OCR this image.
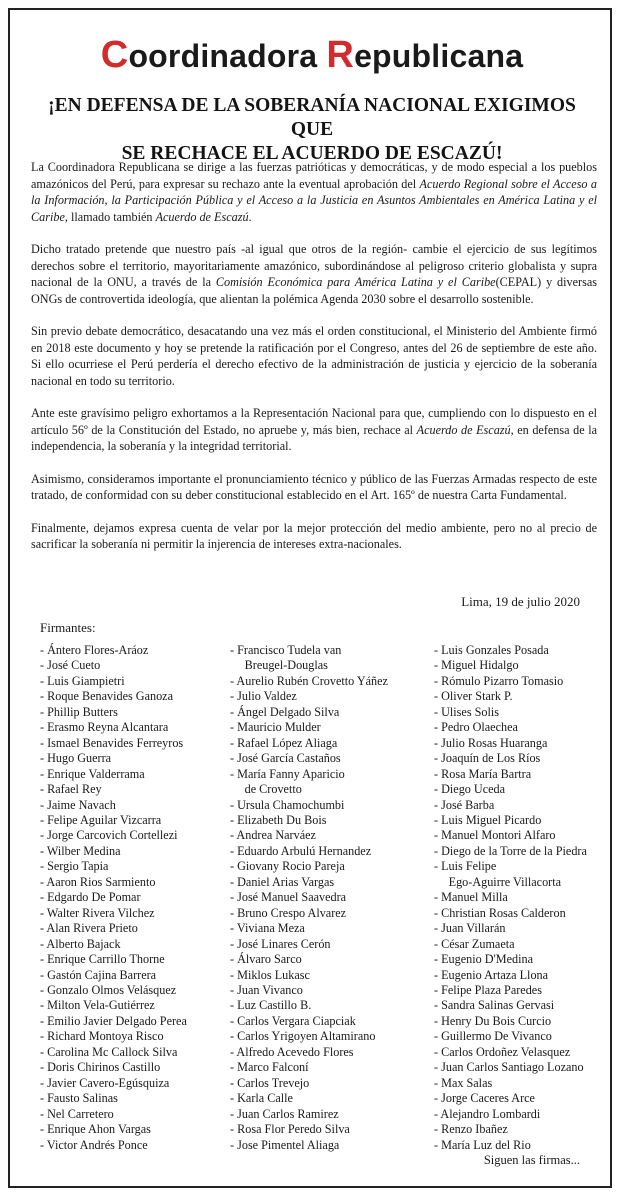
Coordinadora Republicana
¡EN DEFENSA DE LA SOBERANÍA NACIONAL EXIGIMOS QUE
SE RECHACE EL ACUERDO DE ESCAZÚ!

La Coordinadora Republicana se dirige a las fuerzas patrióticas y democráticas, y de modo especial a los pueblos amazónicos del Perú, para expresar su rechazo ante la eventual aprobación del Acuerdo Regional sobre el Acceso a la Información, la Participación Pública y el Acceso a la Justicia en Asuntos Ambientales en América Latina y el Caribe, llamado también Acuerdo de Escazú.

Dicho tratado pretende que nuestro país -al igual que otros de la región- cambie el ejercicio de sus legítimos derechos sobre el territorio, mayoritariamente amazónico, subordinándose al peligroso criterio globalista y supra nacional de la ONU, a través de la Comisión Económica para América Latina y el Caribe(CEPAL) y diversas ONGs de controvertida ideología, que alientan la polémica Agenda 2030 sobre el desarrollo sostenible.

Sin previo debate democrático, desacatando una vez más el orden constitucional, el Ministerio del Ambiente firmó en 2018 este documento y hoy se pretende la ratificación por el Congreso, antes del 26 de septiembre de este año. Si ello ocurriese el Perú perdería el derecho efectivo de la administración de justicia y ejercicio de la soberanía nacional en todo su territorio.

Ante este gravísimo peligro exhortamos a la Representación Nacional para que, cumpliendo con lo dispuesto en el artículo 56º de la Constitución del Estado, no apruebe y, más bien, rechace al Acuerdo de Escazú, en defensa de la independencia, la soberanía y la integridad territorial.

Asimismo, consideramos importante el pronunciamiento técnico y público de las Fuerzas Armadas respecto de este tratado, de conformidad con su deber constitucional establecido en el Art. 165º de nuestra Carta Fundamental.

Finalmente, dejamos expresa cuenta de velar por la mejor protección del medio ambiente, pero no al precio de sacrificar la soberanía ni permitir la injerencia de intereses extra-nacionales.

Lima, 19 de julio 2020
Firmantes:
- Ántero Flores-Aráoz
- José Cueto
- Luis Giampietri
- Roque Benavides Ganoza
- Phillip Butters
- Erasmo Reyna Alcantara
- Ismael Benavides Ferreyros
- Hugo Guerra
- Enrique Valderrama
- Rafael Rey
- Jaime Navach
- Felipe Aguilar Vizcarra
- Jorge Carcovich Cortellezi
- Wilber Medina
- Sergio Tapia
- Aaron Rios Sarmiento
- Edgardo De Pomar
- Walter Rivera Vilchez
- Alan Rivera Prieto
- Alberto Bajack
- Enrique Carrillo Thorne
- Gastón Cajina Barrera
- Gonzalo Olmos Velásquez
- Milton Vela-Gutiérrez
- Emilio Javier Delgado Perea
- Richard Montoya Risco
- Carolina Mc Callock Silva
- Doris Chirinos Castillo
- Javier Cavero-Egúsquiza
- Fausto Salinas
- Nel Carretero
- Enrique Ahon Vargas
- Victor Andrés Ponce
- Francisco Tudela van
Breugel-Douglas
- Aurelio Rubén Crovetto Yáñez
- Julio Valdez
- Ángel Delgado Silva
- Mauricio Mulder
- Rafael López Aliaga
- José García Castaños
- María Fanny Aparicio
de Crovetto
- Ursula Chamochumbi
- Elizabeth Du Bois
- Andrea Narváez
- Eduardo Arbulú Hernandez
- Giovany Rocio Pareja
- Daniel Arias Vargas
- José Manuel Saavedra
- Bruno Crespo Alvarez
- Viviana Meza
- José Linares Cerón
- Álvaro Sarco
- Miklos Lukasc
- Juan Vivanco
- Luz Castillo B.
- Carlos Vergara Ciapciak
- Carlos Yrigoyen Altamirano
- Alfredo Acevedo Flores
- Marco Falconí
- Carlos Trevejo
- Karla Calle
- Juan Carlos Ramirez
- Rosa Flor Peredo Silva
- Jose Pimentel Aliaga
- Luis Gonzales Posada
- Miguel Hidalgo
- Rómulo Pizarro Tomasio
- Oliver Stark P.
- Ulises Solis
- Pedro Olaechea
- Julio Rosas Huaranga
- Joaquín de Los Ríos
- Rosa María Bartra
- Diego Uceda
- José Barba
- Luis Miguel Picardo
- Manuel Montori Alfaro
- Diego de la Torre de la Piedra
- Luis Felipe
Ego-Aguirre Villacorta
- Manuel Milla
- Christian Rosas Calderon
- Juan Villarán
- César Zumaeta
- Eugenio D'Medina
- Eugenio Artaza Llona
- Felipe Plaza Paredes
- Sandra Salinas Gervasi
- Henry Du Bois Curcio
- Guillermo De Vivanco
- Carlos Ordoñez Velasquez
- Juan Carlos Santiago Lozano
- Max Salas
- Jorge Caceres Arce
- Alejandro Lombardi
- Renzo Ibañez
- María Luz del Rio
Siguen las firmas...
